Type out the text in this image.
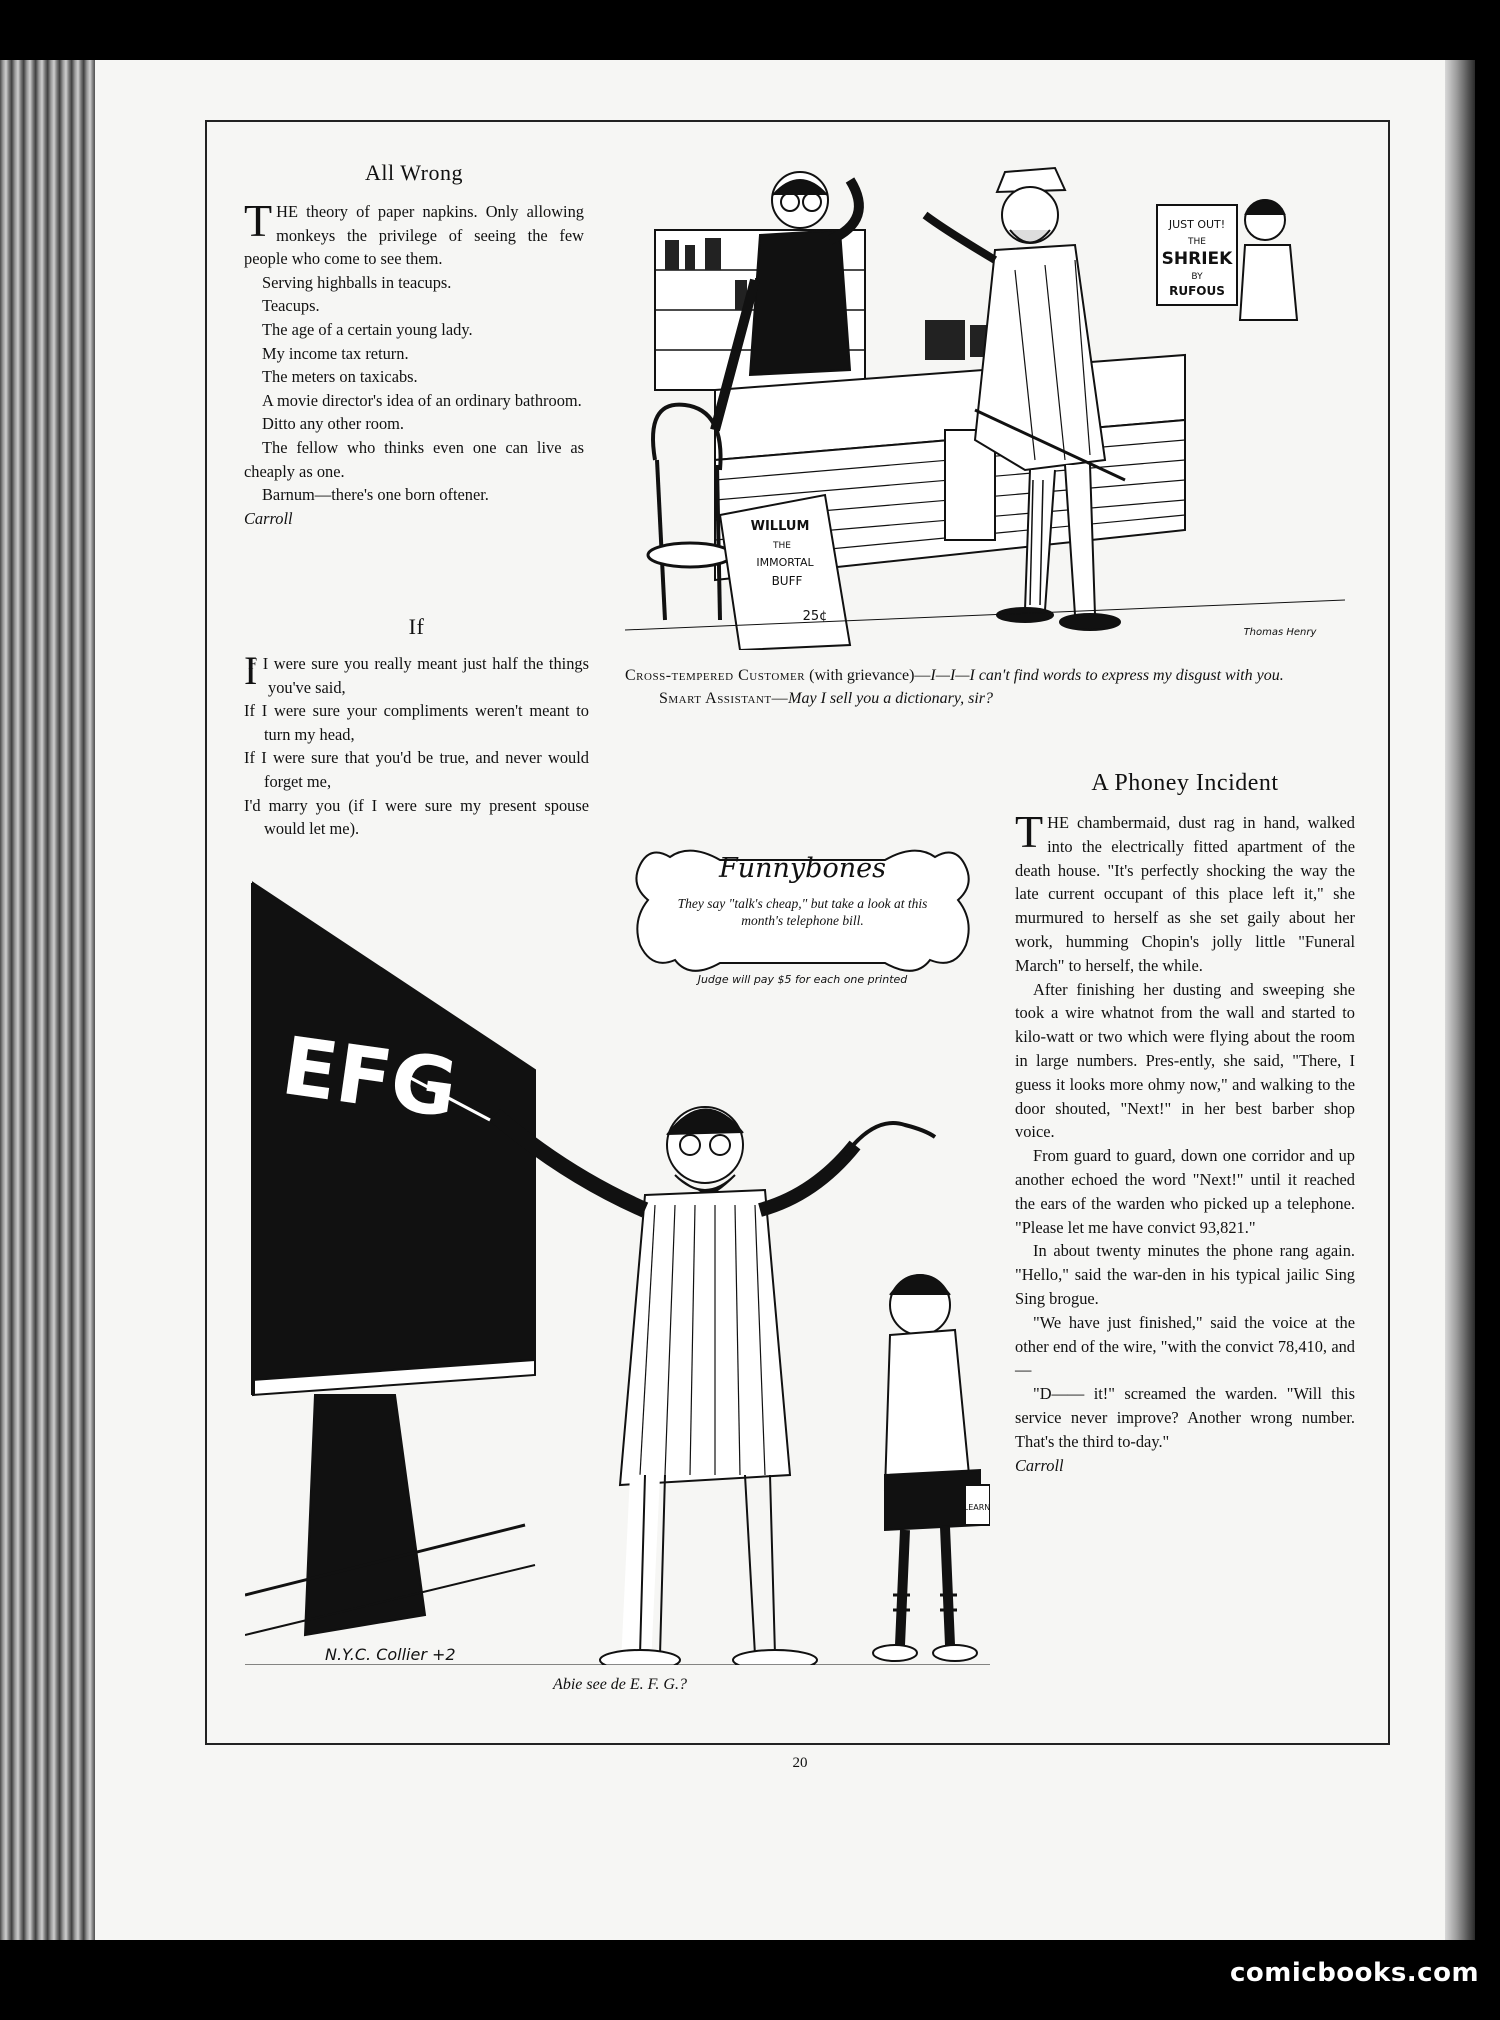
All Wrong

THE theory of paper napkins. Only allowing monkeys the privilege of seeing the few people who come to see them.

Serving highballs in teacups.

Teacups.

The age of a certain young lady.

My income tax return.

The meters on taxicabs.

A movie director's idea of an ordinary bathroom.

Ditto any other room.

The fellow who thinks even one can live as cheaply as one.

Barnum—there's one born oftener.

Carroll

If

I
F I were sure you really meant just half the things you've said,

If I were sure your compliments weren't meant to turn my head,

If I were sure that you'd be true, and never would forget me,

I'd marry you (if I were sure my present spouse would let me).

JUST OUT!
THE
SHRIEK
BY
RUFOUS
WILLUM
THE
IMMORTAL
BUFF
25¢
Thomas Henry
Cross-tempered Customer (with grievance)—I—I—I can't find words to express my disgust with you.
Smart Assistant—May I sell you a dictionary, sir?
Funnybones
They say "talk's cheap," but take a look at this month's telephone bill.
Judge will pay $5 for each one printed
EFG
LEARN
N.Y.C. Collier +2
Abie see de E. F. G.?
A Phoney Incident

THE chambermaid, dust rag in hand, walked into the electrically fitted apartment of the death house. "It's perfectly shocking the way the late current occupant of this place left it," she murmured to herself as she set gaily about her work, humming Chopin's jolly little "Funeral March" to herself, the while.

After finishing her dusting and sweeping she took a wire whatnot from the wall and started to kilo-watt or two which were flying about the room in large numbers. Pres-ently, she said, "There, I guess it looks more ohmy now," and walking to the door shouted, "Next!" in her best barber shop voice.

From guard to guard, down one corridor and up another echoed the word "Next!" until it reached the ears of the warden who picked up a telephone. "Please let me have convict 93,821."

In about twenty minutes the phone rang again. "Hello," said the war-den in his typical jailic Sing Sing brogue.

"We have just finished," said the voice at the other end of the wire, "with the convict 78,410, and—

"D—— it!" screamed the warden. "Will this service never improve? Another wrong number. That's the third to-day."

Carroll

20
comicbooks.com
